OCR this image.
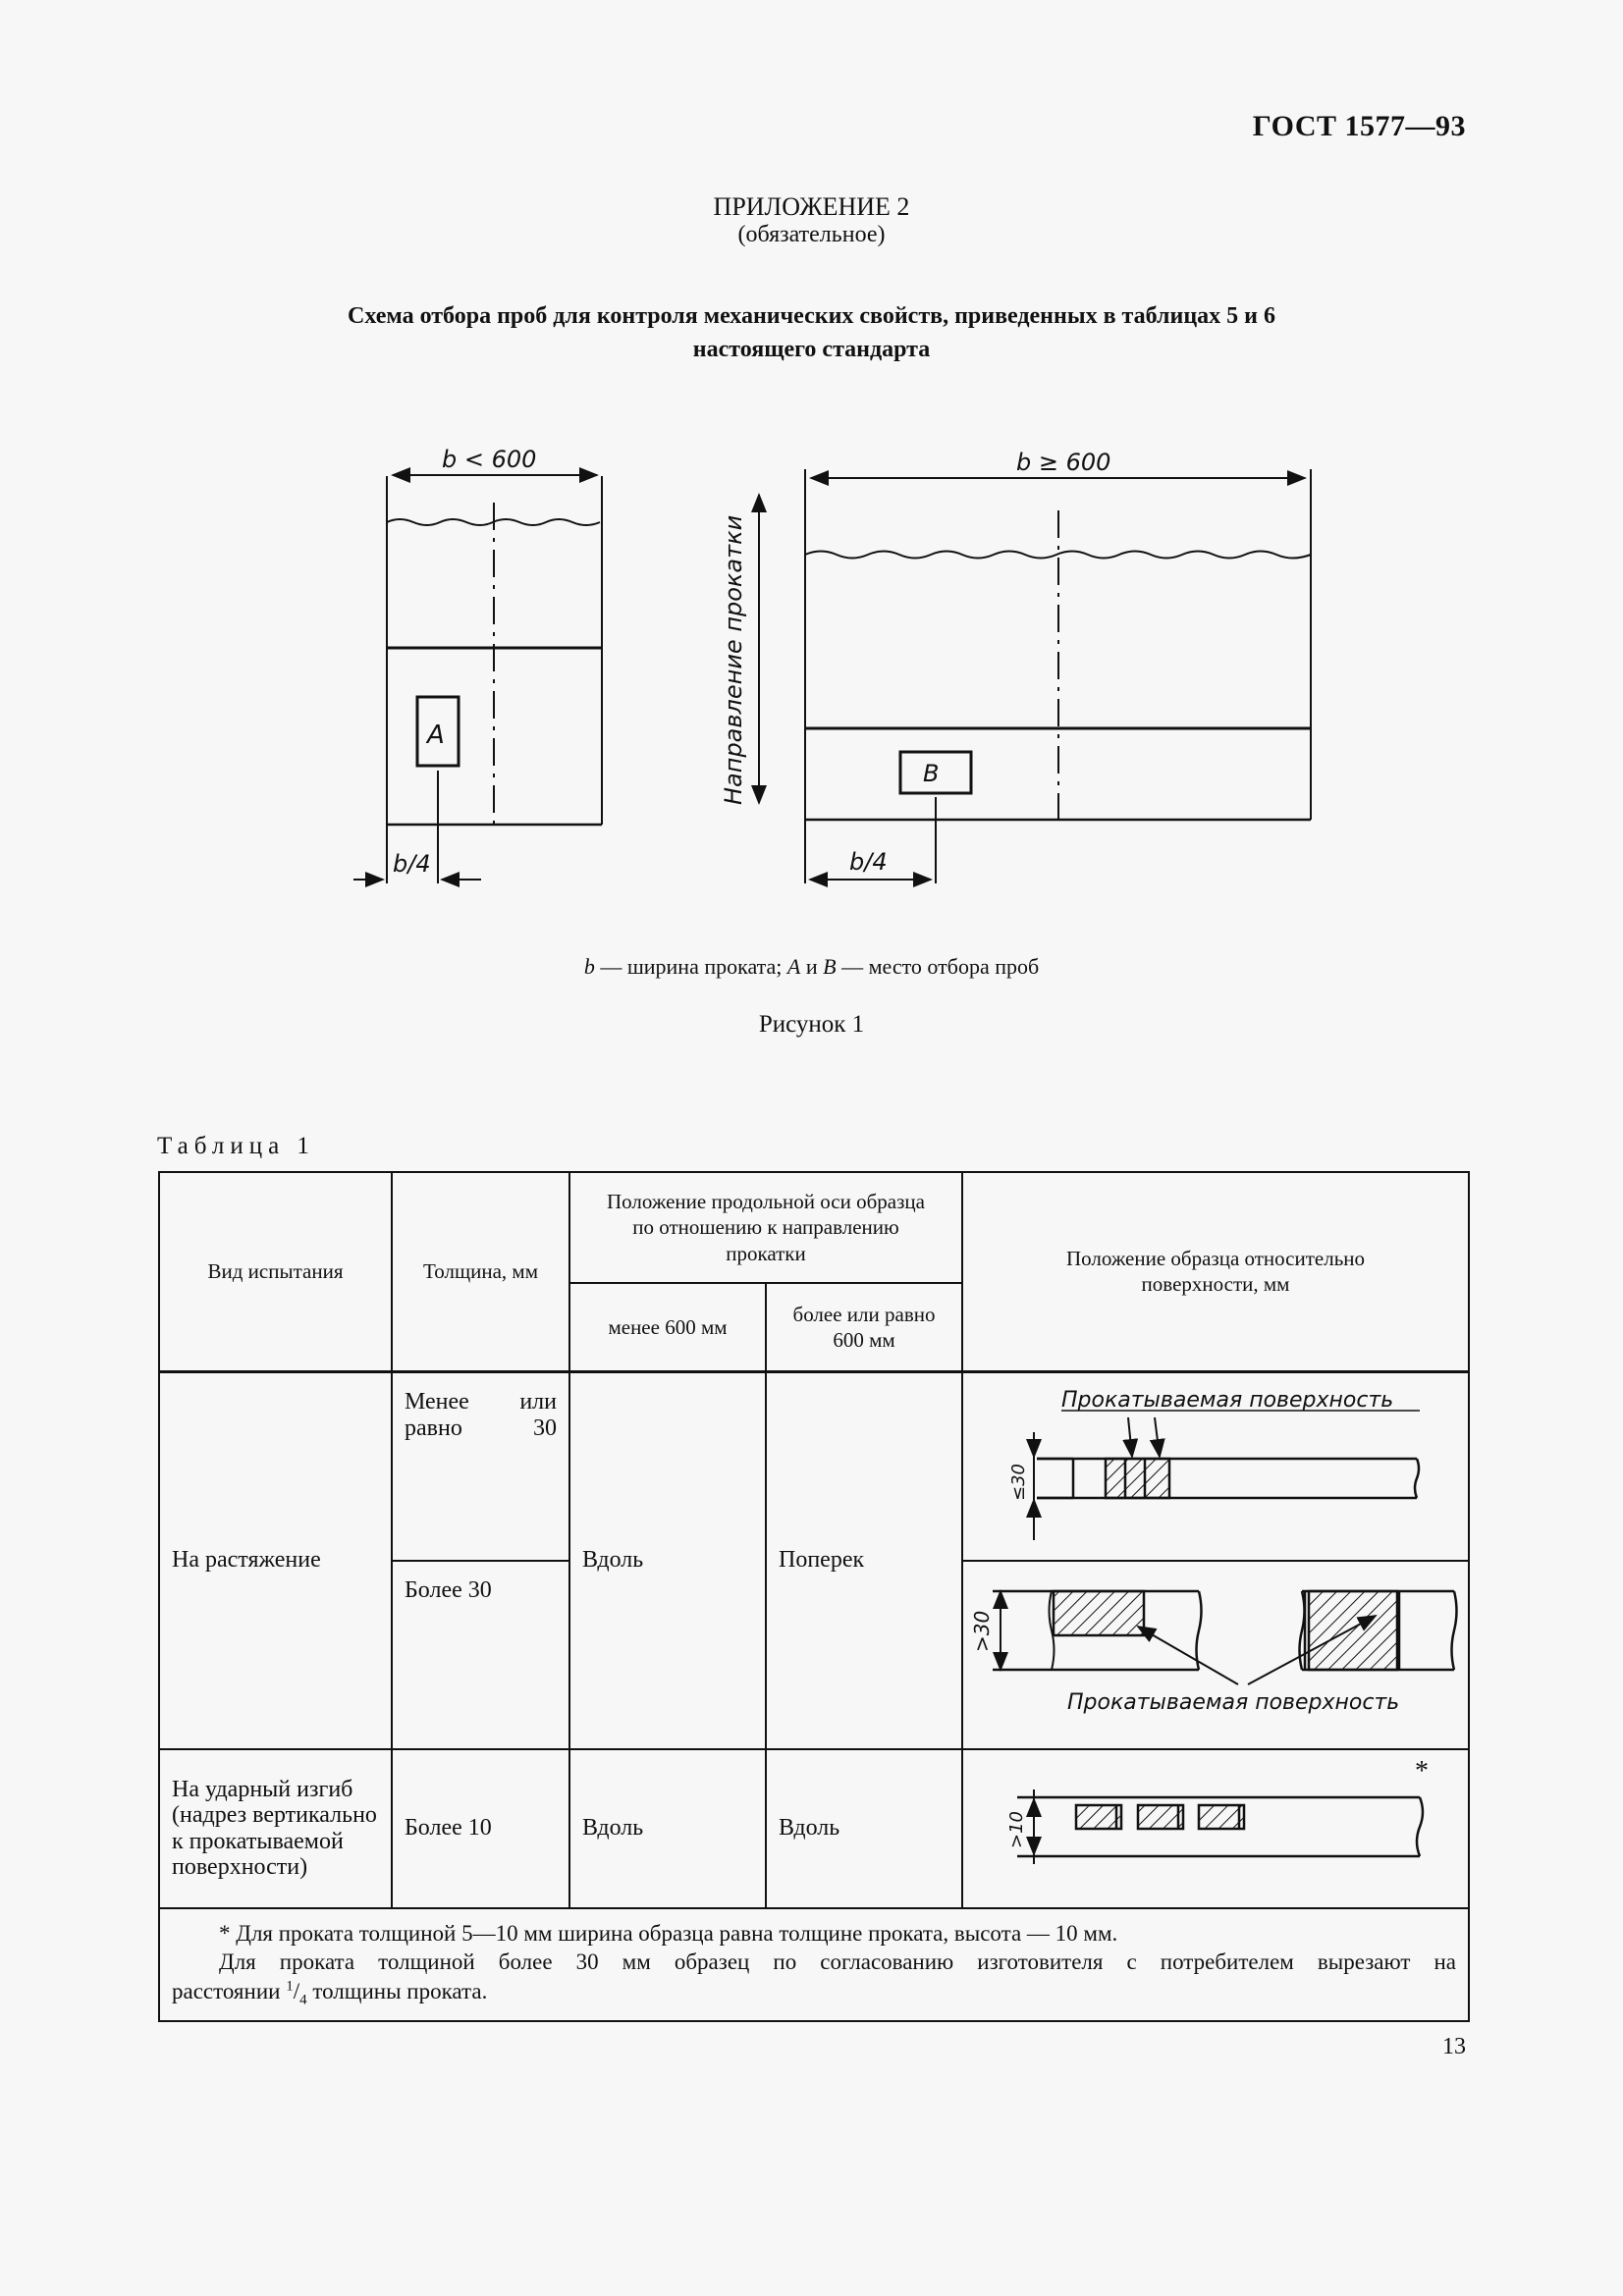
ГОСТ 1577—93
ПРИЛОЖЕНИЕ 2
(обязательное)
Схема отбора проб для контроля механических свойств, приведенных в таблицах 5 и 6
настоящего стандарта
b < 600	b ≥ 600
A
B
b/4	b/4
Направление прокатки
b — ширина проката; A и B — место отбора проб
Рисунок 1
Таблица 1
Вид испытания	Толщина, мм	Положение продольной оси образца по отношению к направлению прокатки		Положение образца относительно поверхности, мм
		менее 600 мм	более или равно 600 мм	
На растяжение	Менее или равно 30	Вдоль	Поперек	Прокатываемая поверхность
≤30

	Более 30			Прокатываемая поверхность
>30

На ударный изгиб (надрез вертикально к прокатываемой поверхности)	Более 10	Вдоль	Вдоль	*
>10

* Для проката толщиной 5—10 мм ширина образца равна толщине проката, высота — 10 мм.
Для проката толщиной более 30 мм образец по согласованию изготовителя с потребителем вырезают на
расстоянии $^1/_4$ толщины проката.				
13
